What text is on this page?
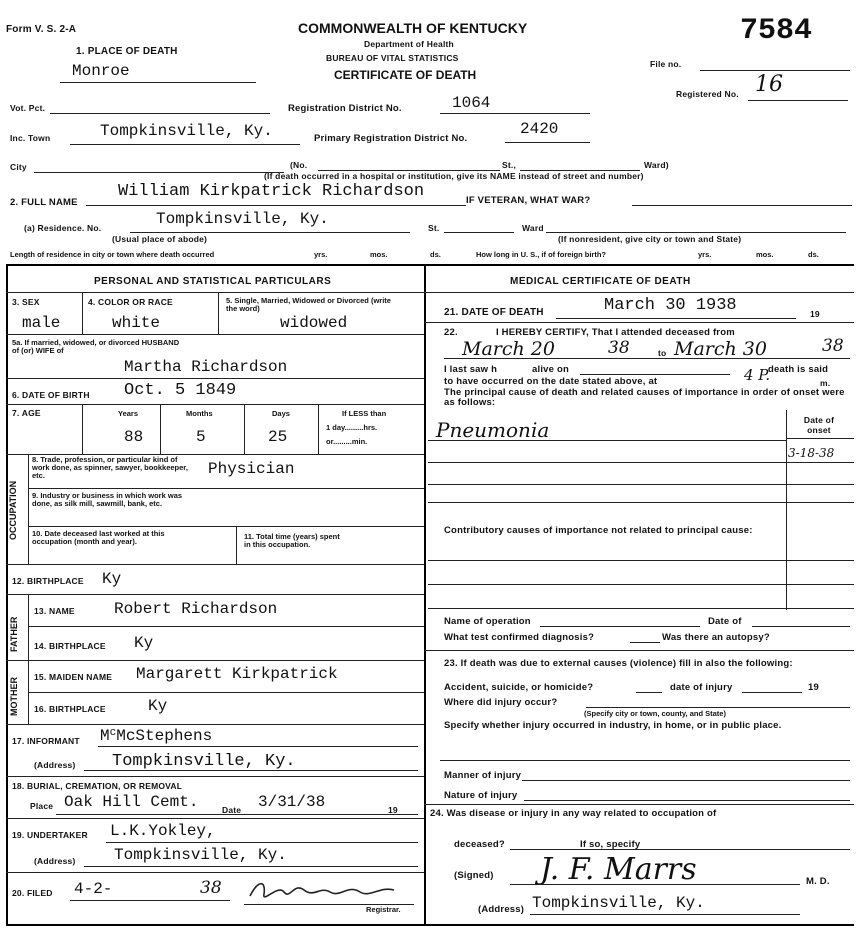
Form V. S. 2-A	COMMONWEALTH OF KENTUCKY
Department of Health
BUREAU OF VITAL STATISTICS
CERTIFICATE OF DEATH
7584
File no.
Registered No. 16
1. PLACE OF DEATH
Monroe
Vot. Pct.	Registration District No.	1064
Inc. Town	Tompkinsville, Ky.	Primary Registration District No.
2420
City	(No.	St.,	Ward)
(If death occurred in a hospital or institution, give its NAME instead of street and number)
2. FULL NAME
William Kirkpatrick Richardson	IF VETERAN, WHAT WAR?
(a) Residence. No.	Tompkinsville, Ky.	St.	Ward
(Usual place of abode)	(If nonresident, give city or town and State)
Length of residence in city or town where death occurred	yrs.	mos.	ds.	How long in U. S., if of foreign birth?	yrs.	mos.	ds.
PERSONAL AND STATISTICAL PARTICULARS
3. SEX
male
4. COLOR OR RACE
white
5. Single, Married, Widowed or Divorced (write the word)
widowed
5a. If married, widowed, or divorced HUSBAND of (or) WIFE of
Martha Richardson
6. DATE OF BIRTH Oct. 5 1849
7. AGE	Years
88
Months
5
Days
25
If LESS than
1 day.........hrs.
or.........min.
OCCUPATION
8. Trade, profession, or particular kind of work done, as spinner, sawyer, bookkeeper, etc.	Physician
9. Industry or business in which work was done, as silk mill, sawmill, bank, etc.
10. Date deceased last worked at this occupation (month and year).
11. Total time (years) spent in this occupation.
12. BIRTHPLACE Ky
FATHER
13. NAME Robert Richardson
14. BIRTHPLACE Ky
MOTHER 15. MAIDEN NAME Margarett Kirkpatrick
16. BIRTHPLACE	Ky
17. INFORMANT $M^cMcStephens$
(Address) Tompkinsville, Ky.
18. BURIAL, CREMATION, OR REMOVAL
Place Oak Hill Cemt.	Date 3/31/38	19
19. UNDERTAKER L.K.Yokley,
(Address) Tompkinsville, Ky.
20. FILED 4-2-	38
Registrar.
MEDICAL CERTIFICATE OF DEATH
21. DATE OF DEATH	March 30 1938	19
22.	I HEREBY CERTIFY, That I attended deceased from
March 20	38	to March 30	38
I last saw h	alive on	death is said
to have occurred on the date stated above, at	4 P.	m.
The principal cause of death and related causes of importance in order of onset were as follows:
Date of onset
Pneumonia
3-18-38
Contributory causes of importance not related to principal cause:
Name of operation	Date of
What test confirmed diagnosis?	Was there an autopsy?
23. If death was due to external causes (violence) fill in also the following:
Accident, suicide, or homicide?	date of injury	19
Where did injury occur?
(Specify city or town, county, and State)
Specify whether injury occurred in industry, in home, or in public place.
Manner of injury
Nature of injury
24. Was disease or injury in any way related to occupation of
deceased?	If so, specify
(Signed) J. F. Marrs	M. D.
(Address) Tompkinsville, Ky.
